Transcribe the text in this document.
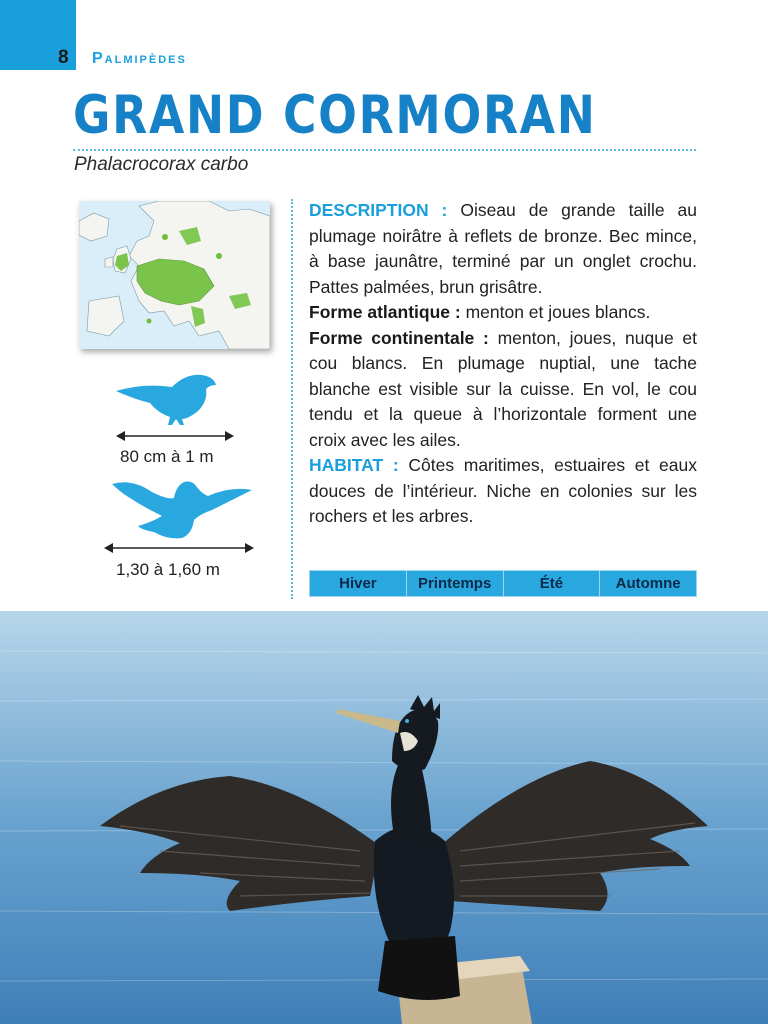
8 Palmipèdes
GRAND CORMORAN
Phalacrocorax carbo
80 cm à 1 m
1,30 à 1,60 m

DESCRIPTION : Oiseau de grande taille au plumage noirâtre à reflets de bronze. Bec mince, à base jaunâtre, terminé par un onglet crochu. Pattes palmées, brun grisâtre.

Forme atlantique : menton et joues blancs.

Forme continentale : menton, joues, nuque et cou blancs. En plumage nuptial, une tache blanche est visible sur la cuisse. En vol, le cou tendu et la queue à l’horizontale forment une croix avec les ailes.

HABITAT : Côtes maritimes, estuaires et eaux douces de l’intérieur. Niche en colonies sur les rochers et les arbres.

Hiver	Printemps	Été	Automne
